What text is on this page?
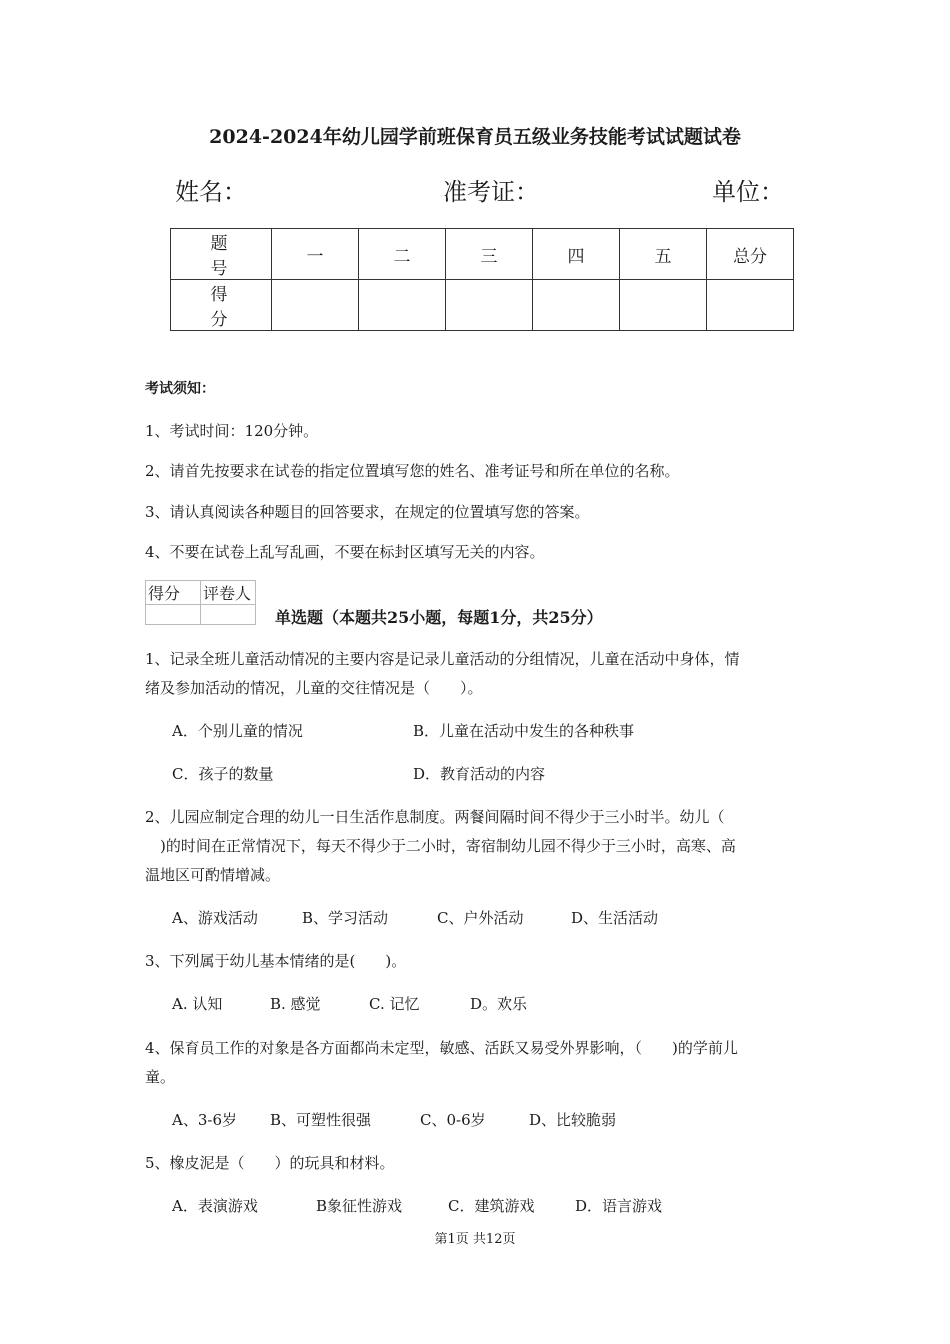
2024-2024年幼儿园学前班保育员五级业务技能考试试题试卷
姓名：	准考证：	单位：
题 号	一	二	三	四	五	总分
得 分						
考试须知：
1、考试时间：120分钟。
2、请首先按要求在试卷的指定位置填写您的姓名、准考证号和所在单位的名称。
3、请认真阅读各种题目的回答要求，在规定的位置填写您的答案。
4、不要在试卷上乱写乱画，不要在标封区填写无关的内容。
得分	评卷人

单选题（本题共25小题，每题1分，共25分）
1、记录全班儿童活动情况的主要内容是记录儿童活动的分组情况，儿童在活动中身体，情
绪及参加活动的情况，儿童的交往情况是（　　）。
A．个别儿童的情况	B．儿童在活动中发生的各种秩事
C．孩子的数量	D．教育活动的内容
2、儿园应制定合理的幼儿一日生活作息制度。两餐间隔时间不得少于三小时半。幼儿（
　)的时间在正常情况下，每天不得少于二小时，寄宿制幼儿园不得少于三小时，高寒、高
温地区可酌情增减。
A、游戏活动	B、学习活动	C、户外活动	D、生活活动
3、下列属于幼儿基本情绪的是(　　)。
A. 认知	B. 感觉	C. 记忆	D。欢乐
4、保育员工作的对象是各方面都尚未定型，敏感、活跃又易受外界影响，（　　)的学前儿
童。
A、3-6岁 B、可塑性很强	C、0-6岁	D、比较脆弱
5、橡皮泥是（　　）的玩具和材料。
A．表演游戏	B象征性游戏	C．建筑游戏	D．语言游戏
第1页 共12页
